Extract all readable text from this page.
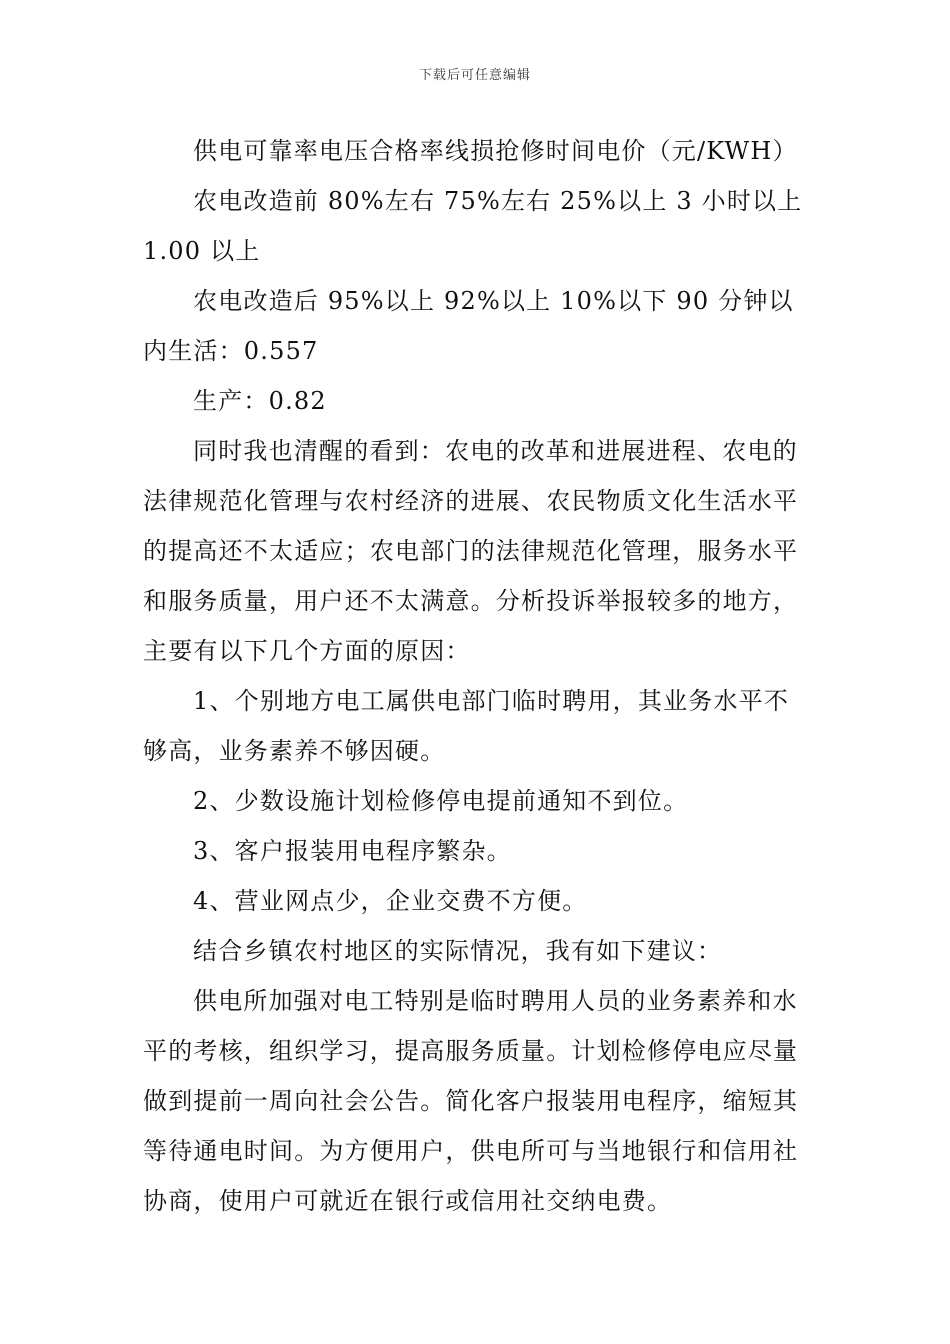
下载后可任意编辑

供电可靠率电压合格率线损抢修时间电价（元/KWH）

农电改造前 80%左右 75%左右 25%以上 3 小时以上 1.00 以上

农电改造后 95%以上 92%以上 10%以下 90 分钟以内生活：0.557

生产：0.82

同时我也清醒的看到：农电的改革和进展进程、农电的法律规范化管理与农村经济的进展、农民物质文化生活水平的提高还不太适应；农电部门的法律规范化管理，服务水平和服务质量，用户还不太满意。分析投诉举报较多的地方，主要有以下几个方面的原因：

1、个别地方电工属供电部门临时聘用，其业务水平不够高，业务素养不够因硬。

2、少数设施计划检修停电提前通知不到位。

3、客户报装用电程序繁杂。

4、营业网点少，企业交费不方便。

结合乡镇农村地区的实际情况，我有如下建议：

供电所加强对电工特别是临时聘用人员的业务素养和水平的考核，组织学习，提高服务质量。计划检修停电应尽量做到提前一周向社会公告。简化客户报装用电程序，缩短其等待通电时间。为方便用户，供电所可与当地银行和信用社协商，使用户可就近在银行或信用社交纳电费。
